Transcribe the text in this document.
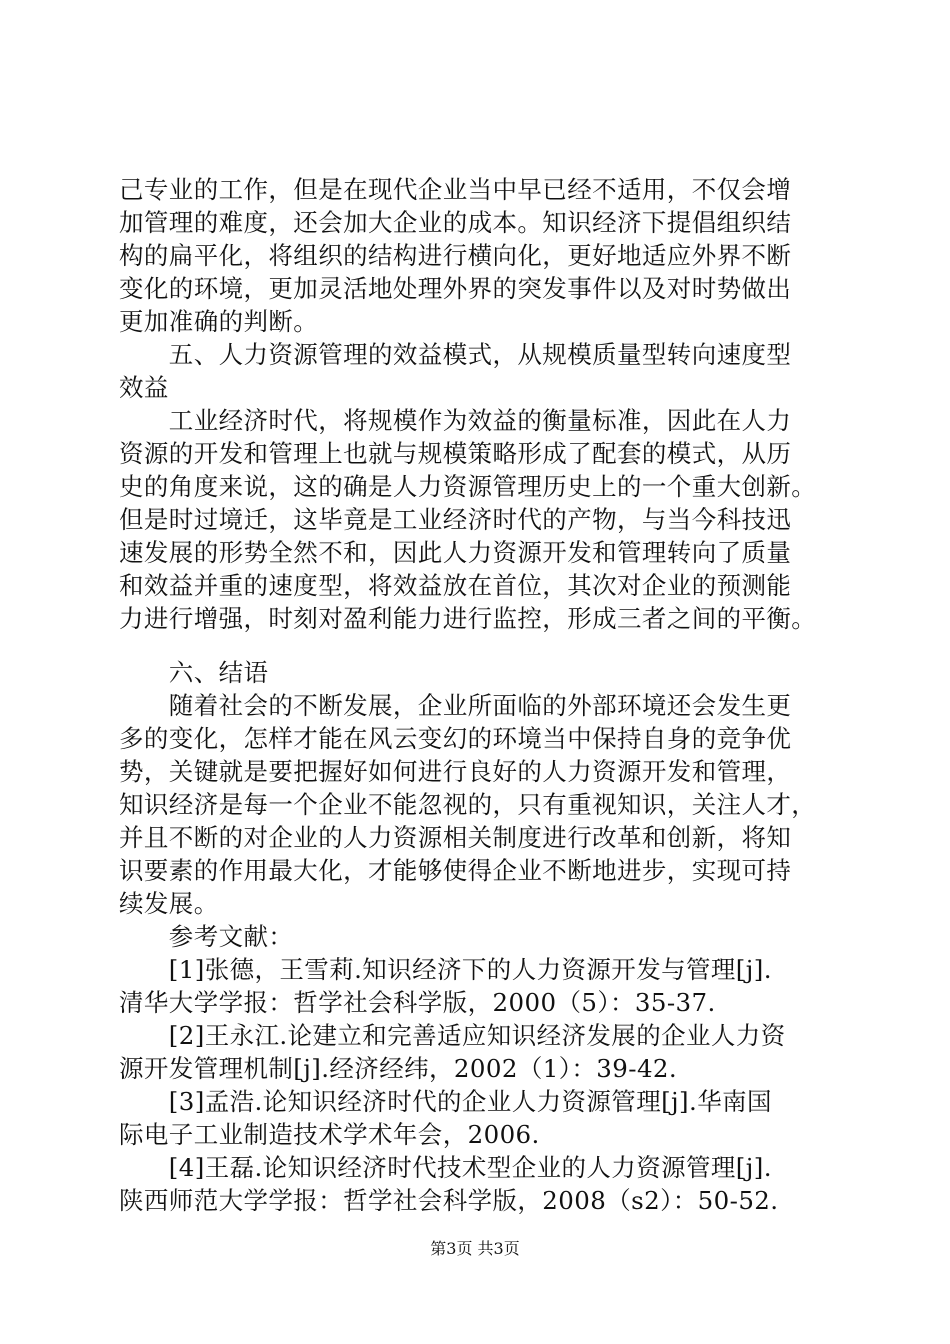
己专业的工作，但是在现代企业当中早已经不适用，不仅会增
加管理的难度，还会加大企业的成本。知识经济下提倡组织结
构的扁平化，将组织的结构进行横向化，更好地适应外界不断
变化的环境，更加灵活地处理外界的突发事件以及对时势做出
更加准确的判断。
　　五、人力资源管理的效益模式，从规模质量型转向速度型
效益
　　工业经济时代，将规模作为效益的衡量标准，因此在人力
资源的开发和管理上也就与规模策略形成了配套的模式，从历
史的角度来说，这的确是人力资源管理历史上的一个重大创新。
但是时过境迁，这毕竟是工业经济时代的产物，与当今科技迅
速发展的形势全然不和，因此人力资源开发和管理转向了质量
和效益并重的速度型，将效益放在首位，其次对企业的预测能
力进行增强，时刻对盈利能力进行监控，形成三者之间的平衡。
　　六、结语
　　随着社会的不断发展，企业所面临的外部环境还会发生更
多的变化，怎样才能在风云变幻的环境当中保持自身的竞争优
势，关键就是要把握好如何进行良好的人力资源开发和管理，
知识经济是每一个企业不能忽视的，只有重视知识，关注人才，
并且不断的对企业的人力资源相关制度进行改革和创新，将知
识要素的作用最大化，才能够使得企业不断地进步，实现可持
续发展。
　　参考文献：
　　[1]张德，王雪莉.知识经济下的人力资源开发与管理[j].
清华大学学报：哲学社会科学版，2000（5）：35-37.
　　[2]王永江.论建立和完善适应知识经济发展的企业人力资
源开发管理机制[j].经济经纬，2002（1）：39-42.
　　[3]孟浩.论知识经济时代的企业人力资源管理[j].华南国
际电子工业制造技术学术年会，2006.
　　[4]王磊.论知识经济时代技术型企业的人力资源管理[j].
陕西师范大学学报：哲学社会科学版，2008（s2）：50-52.
第3页 共3页
